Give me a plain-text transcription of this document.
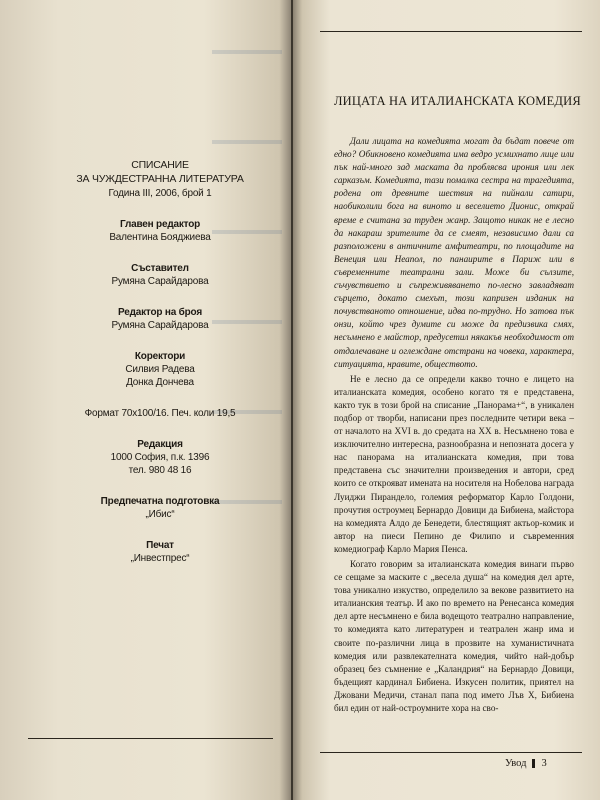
СПИСАНИЕ
ЗА ЧУЖДЕСТРАННА ЛИТЕРАТУРА
Година III, 2006, брой 1
Главен редактор
Валентина Бояджиева
Съставител
Румяна Сарайдарова
Редактор на броя
Румяна Сарайдарова
Коректори
Силвия Радева
Донка Дончева
Формат 70х100/16. Печ. коли 19,5
Редакция
1000 София, п.к. 1396
тел. 980 48 16
Предпечатна подготовка
„Ибис“
Печат
„Инвестпрес“
ЛИЦАТА НА ИТАЛИАНСКАТА КОМЕДИЯ

Дали лицата на комедията могат да бъдат повече от едно? Обикновено комедията има ведро усмихнато лице или пък най-много зад маската да проблясва ирония или лек сарказъм. Комедията, тази помалка сестра на трагедията, родена от древните шествия на пийнали сатири, наобиколили бога на виното и веселието Дионис, открай време е считана за труден жанр. Защото никак не е лесно да накараш зрителите да се смеят, независимо дали са разположени в античните амфитеатри, по площадите на Венеция или Неапол, по панаирите в Париж или в съвременните театрални зали. Може би сълзите, съчувствието и съпреживяването по-лесно завладяват сърцето, докато смехът, този капризен изданик на почувстваното отношение, идва по-трудно. Но затова пък онзи, който чрез думите си може да предизвика смях, несъмнено е майстор, предусетил някакъв необходимост от отдалечаване и оглеждане отстрани на човека, характера, ситуацията, нравите, обществото.

Не е лесно да се определи какво точно е лицето на италианската комедия, особено когато тя е представена, както тук в този брой на списание „Панорама+“, в уникален подбор от творби, написани през последните четири века – от началото на XVI в. до средата на XX в. Несъмнено това е изключително интересна, разнообразна и непозната досега у нас панорама на италианската комедия, при това представена със значителни произведения и автори, сред които се открояват имената на носителя на Нобелова награда Луиджи Пирандело, големия реформатор Карло Голдони, прочутия остроумец Бернардо Довици да Бибиена, майстора на комедията Алдо де Бенедети, блестящият актьор-комик и автор на пиеси Пепино де Филипо и съвременния комедиограф Карло Мария Пенса.

Когато говорим за италианската комедия винаги първо се сещаме за маските с „весела душа“ на комедия дел арте, това уникално изкуство, определило за векове развитието на италианския театър. И ако по времето на Ренесанса комедия дел арте несъмнено е била водещото театрално направление, то комедията като литературен и театрален жанр има и своите по-различни лица в прозвите на хуманистичната комедия или развлекателната комедия, чийто най-добър образец без съмнение е „Каландрия“ на Бернардо Довици, бъдещият кардинал Бибиена. Изкусен политик, приятел на Джовани Медичи, станал папа под името Лъв Х, Бибиена бил един от най-остроумните хора на сво-

Увод 3
